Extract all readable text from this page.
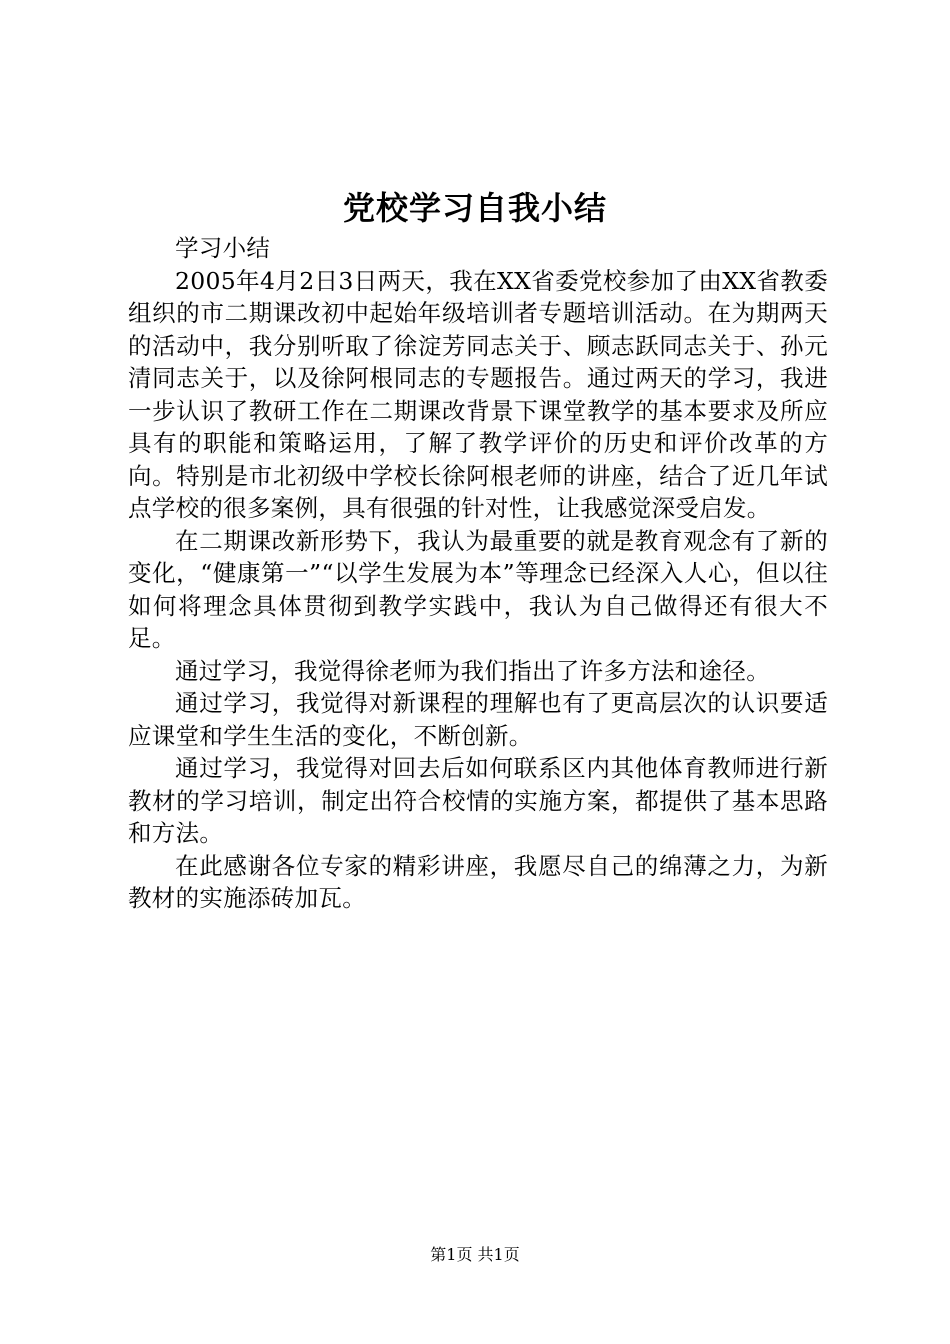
党校学习自我小结

学习小结

2005年4月2日3日两天，我在XX省委党校参加了由XX省教委组织的市二期课改初中起始年级培训者专题培训活动。在为期两天的活动中，我分别听取了徐淀芳同志关于、顾志跃同志关于、孙元清同志关于，以及徐阿根同志的专题报告。通过两天的学习，我进一步认识了教研工作在二期课改背景下课堂教学的基本要求及所应具有的职能和策略运用，了解了教学评价的历史和评价改革的方向。特别是市北初级中学校长徐阿根老师的讲座，结合了近几年试点学校的很多案例，具有很强的针对性，让我感觉深受启发。

在二期课改新形势下，我认为最重要的就是教育观念有了新的变化，“健康第一”“以学生发展为本”等理念已经深入人心，但以往如何将理念具体贯彻到教学实践中，我认为自己做得还有很大不足。

通过学习，我觉得徐老师为我们指出了许多方法和途径。

通过学习，我觉得对新课程的理解也有了更高层次的认识要适应课堂和学生生活的变化，不断创新。

通过学习，我觉得对回去后如何联系区内其他体育教师进行新教材的学习培训，制定出符合校情的实施方案，都提供了基本思路和方法。

在此感谢各位专家的精彩讲座，我愿尽自己的绵薄之力，为新教材的实施添砖加瓦。

第1页 共1页
